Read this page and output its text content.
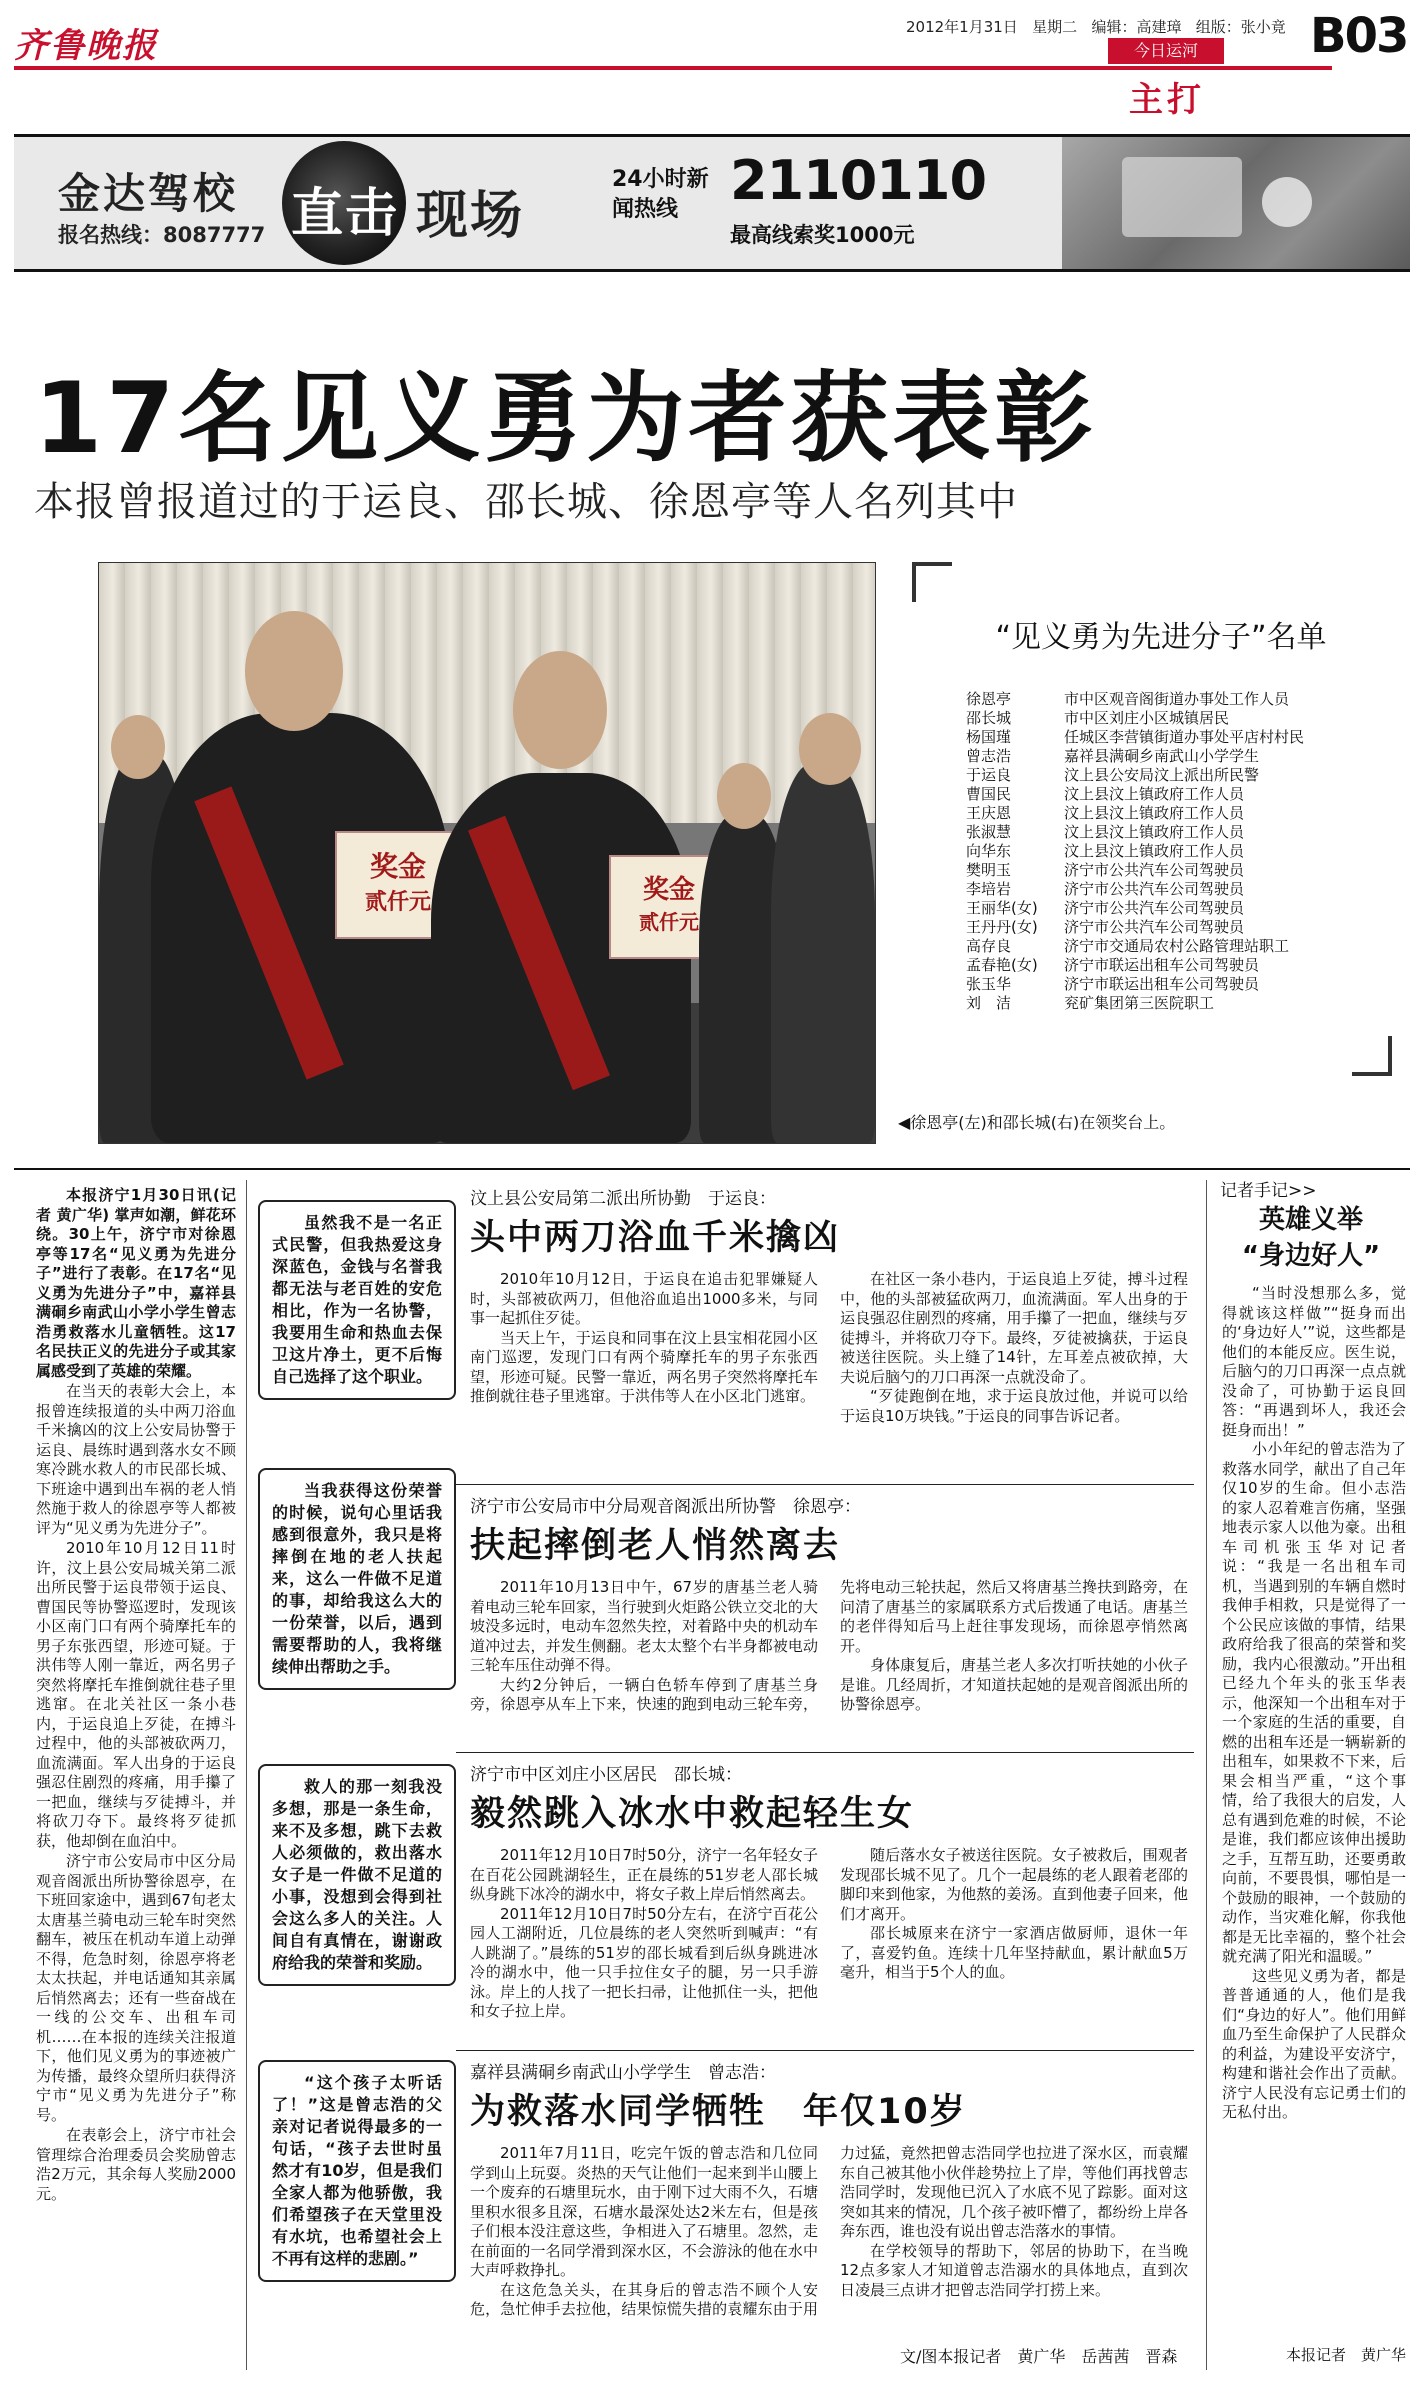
齐鲁晚报	2012年1月31日 星期二 编辑：高建璋 组版：张小竟
今日运河
主打
B03
金达驾校
报名热线：8087777 直击 现场
24小时新闻热线 2110110
最高线索奖1000元
17名见义勇为者获表彰
本报曾报道过的于运良、邵长城、徐恩亭等人名列其中
奖金
贰仟元	奖金
贰仟元
“见义勇为先进分子”名单
徐恩亭	市中区观音阁街道办事处工作人员
邵长城	市中区刘庄小区城镇居民
杨国瑾	任城区李营镇街道办事处平店村村民
曾志浩	嘉祥县满硐乡南武山小学学生
于运良	汶上县公安局汶上派出所民警
曹国民	汶上县汶上镇政府工作人员
王庆恩	汶上县汶上镇政府工作人员
张淑慧	汶上县汶上镇政府工作人员
向华东	汶上县汶上镇政府工作人员
樊明玉	济宁市公共汽车公司驾驶员
李培岩	济宁市公共汽车公司驾驶员
王丽华(女)	济宁市公共汽车公司驾驶员
王丹丹(女)	济宁市公共汽车公司驾驶员
高存良	济宁市交通局农村公路管理站职工
孟春艳(女)	济宁市联运出租车公司驾驶员
张玉华	济宁市联运出租车公司驾驶员
刘　洁	兖矿集团第三医院职工
◀徐恩亭(左)和邵长城(右)在领奖台上。

本报济宁1月30日讯(记者 黄广华) 掌声如潮，鲜花环绕。30上午，济宁市对徐恩亭等17名“见义勇为先进分子”进行了表彰。在17名“见义勇为先进分子”中，嘉祥县满硐乡南武山小学小学生曾志浩勇救落水儿童牺牲。这17名民扶正义的先进分子或其家属感受到了英雄的荣耀。

在当天的表彰大会上，本报曾连续报道的头中两刀浴血千米擒凶的汶上公安局协警于运良、晨练时遇到落水女不顾寒冷跳水救人的市民邵长城、下班途中遇到出车祸的老人悄然施于救人的徐恩亭等人都被评为“见义勇为先进分子”。

2010年10月12日11时许，汶上县公安局城关第二派出所民警于运良带领于运良、曹国民等协警巡逻时，发现该小区南门口有两个骑摩托车的男子东张西望，形迹可疑。于洪伟等人刚一靠近，两名男子突然将摩托车推倒就往巷子里逃窜。在北关社区一条小巷内，于运良追上歹徒，在搏斗过程中，他的头部被砍两刀，血流满面。军人出身的于运良强忍住剧烈的疼痛，用手攥了一把血，继续与歹徒搏斗，并将砍刀夺下。最终将歹徒抓获，他却倒在血泊中。

济宁市公安局市中区分局观音阁派出所协警徐恩亭，在下班回家途中，遇到67旬老太太唐基兰骑电动三轮车时突然翻车，被压在机动车道上动弹不得，危急时刻，徐恩亭将老太太扶起，并电话通知其亲属后悄然离去；还有一些奋战在一线的公交车、出租车司机……在本报的连续关注报道下，他们见义勇为的事迹被广为传播，最终众望所归获得济宁市“见义勇为先进分子”称号。

在表彰会上，济宁市社会管理综合治理委员会奖励曾志浩2万元，其余每人奖励2000元。

虽然我不是一名正式民警，但我热爱这身深蓝色，金钱与名誉我都无法与老百姓的安危相比，作为一名协警，我要用生命和热血去保卫这片净土，更不后悔自己选择了这个职业。

当我获得这份荣誉的时候，说句心里话我感到很意外，我只是将摔倒在地的老人扶起来，这么一件做不足道的事，却给我这么大的一份荣誉，以后，遇到需要帮助的人，我将继续伸出帮助之手。

救人的那一刻我没多想，那是一条生命，来不及多想，跳下去救人必须做的，救出落水女子是一件做不足道的小事，没想到会得到社会这么多人的关注。人间自有真情在，谢谢政府给我的荣誉和奖励。

“这个孩子太听话了！”这是曾志浩的父亲对记者说得最多的一句话，“孩子去世时虽然才有10岁，但是我们全家人都为他骄傲，我们希望孩子在天堂里没有水坑，也希望社会上不再有这样的悲剧。”

汶上县公安局第二派出所协勤　于运良：
头中两刀浴血千米擒凶

2010年10月12日，于运良在追击犯罪嫌疑人时，头部被砍两刀，但他浴血追出1000多米，与同事一起抓住歹徒。

当天上午，于运良和同事在汶上县宝相花园小区南门巡逻，发现门口有两个骑摩托车的男子东张西望，形迹可疑。民警一靠近，两名男子突然将摩托车推倒就往巷子里逃窜。于洪伟等人在小区北门逃窜。

在社区一条小巷内，于运良追上歹徒，搏斗过程中，他的头部被猛砍两刀，血流满面。军人出身的于运良强忍住剧烈的疼痛，用手攥了一把血，继续与歹徒搏斗，并将砍刀夺下。最终，歹徒被擒获，于运良被送往医院。头上缝了14针，左耳差点被砍掉，大夫说后脑勺的刀口再深一点就没命了。

“歹徒跑倒在地，求于运良放过他，并说可以给于运良10万块钱。”于运良的同事告诉记者。

济宁市公安局市中分局观音阁派出所协警　徐恩亭：
扶起摔倒老人悄然离去

2011年10月13日中午，67岁的唐基兰老人骑着电动三轮车回家，当行驶到火炬路公铁立交北的大坡没多远时，电动车忽然失控，对着路中央的机动车道冲过去，并发生侧翻。老太太整个右半身都被电动三轮车压住动弹不得。

大约2分钟后，一辆白色轿车停到了唐基兰身旁，徐恩亭从车上下来，快速的跑到电动三轮车旁，先将电动三轮扶起，然后又将唐基兰搀扶到路旁，在问清了唐基兰的家属联系方式后拨通了电话。唐基兰的老伴得知后马上赶往事发现场，而徐恩亭悄然离开。

身体康复后，唐基兰老人多次打听扶她的小伙子是谁。几经周折，才知道扶起她的是观音阁派出所的协警徐恩亭。

济宁市中区刘庄小区居民　邵长城：
毅然跳入冰水中救起轻生女

2011年12月10日7时50分，济宁一名年轻女子在百花公园跳湖轻生，正在晨练的51岁老人邵长城纵身跳下冰冷的湖水中，将女子救上岸后悄然离去。

2011年12月10日7时50分左右，在济宁百花公园人工湖附近，几位晨练的老人突然听到喊声：“有人跳湖了。”晨练的51岁的邵长城看到后纵身跳进冰冷的湖水中，他一只手拉住女子的腿，另一只手游泳。岸上的人找了一把长扫帚，让他抓住一头，把他和女子拉上岸。

随后落水女子被送往医院。女子被救后，围观者发现邵长城不见了。几个一起晨练的老人跟着老邵的脚印来到他家，为他熬的姜汤。直到他妻子回来，他们才离开。

邵长城原来在济宁一家酒店做厨师，退休一年了，喜爱钓鱼。连续十几年坚持献血，累计献血5万毫升，相当于5个人的血。

嘉祥县满硐乡南武山小学学生　曾志浩：
为救落水同学牺牲　年仅10岁

2011年7月11日，吃完午饭的曾志浩和几位同学到山上玩耍。炎热的天气让他们一起来到半山腰上一个废弃的石塘里玩水，由于刚下过大雨不久，石塘里积水很多且深，石塘水最深处达2米左右，但是孩子们根本没注意这些，争相进入了石塘里。忽然，走在前面的一名同学滑到深水区，不会游泳的他在水中大声呼救挣扎。

在这危急关头，在其身后的曾志浩不顾个人安危，急忙伸手去拉他，结果惊慌失措的袁耀东由于用力过猛，竟然把曾志浩同学也拉进了深水区，而袁耀东自己被其他小伙伴趁势拉上了岸，等他们再找曾志浩同学时，发现他已沉入了水底不见了踪影。面对这突如其来的情况，几个孩子被吓懵了，都纷纷上岸各奔东西，谁也没有说出曾志浩落水的事情。

在学校领导的帮助下，邻居的协助下，在当晚12点多家人才知道曾志浩溺水的具体地点，直到次日凌晨三点讲才把曾志浩同学打捞上来。

文/图本报记者　黄广华　岳茜茜　晋森
记者手记>>
英雄义举
“身边好人”

“当时没想那么多，觉得就该这样做”“挺身而出的‘身边好人’”说，这些都是他们的本能反应。医生说，后脑勺的刀口再深一点点就没命了，可协勤于运良回答：“再遇到坏人，我还会挺身而出！”

小小年纪的曾志浩为了救落水同学，献出了自己年仅10岁的生命。但小志浩的家人忍着难言伤痛，坚强地表示家人以他为豪。出租车司机张玉华对记者说：“我是一名出租车司机，当遇到别的车辆自燃时我伸手相救，只是觉得了一个公民应该做的事情，结果政府给我了很高的荣誉和奖励，我内心很激动。”开出租已经九个年头的张玉华表示，他深知一个出租车对于一个家庭的生活的重要，自燃的出租车还是一辆崭新的出租车，如果救不下来，后果会相当严重，“这个事情，给了我很大的启发，人总有遇到危难的时候，不论是谁，我们都应该伸出援助之手，互帮互助，还要勇敢向前，不要畏惧，哪怕是一个鼓励的眼神，一个鼓励的动作，当灾难化解，你我他都是无比幸福的，整个社会就充满了阳光和温暖。”

这些见义勇为者，都是普普通通的人，他们是我们“身边的好人”。他们用鲜血乃至生命保护了人民群众的利益，为建设平安济宁，构建和谐社会作出了贡献。济宁人民没有忘记勇士们的无私付出。

本报记者　黄广华
